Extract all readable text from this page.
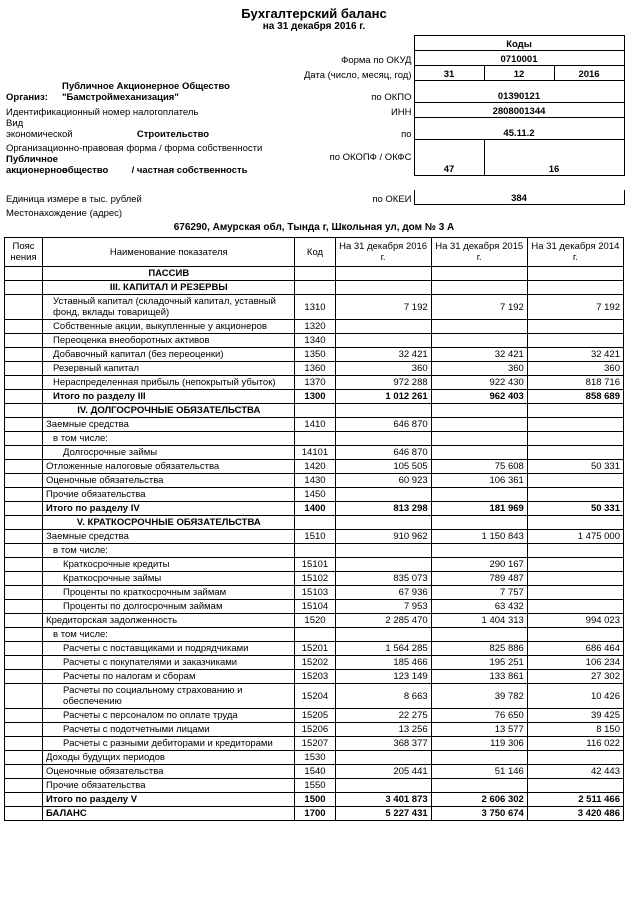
Бухгалтерский баланс
на 31 декабря 2016 г.
			Коды		
		Форма по ОКУД	0710001		
		Дата (число, месяц, год)	31	12	2016
Организ:	Публичное Акционерное Общество "Бамстроймеханизация"	по ОКПО	01390121		
Идентификационный номер налогоплатель		ИНН	2808001344		
Вид экономической	Строительство	по	45.11.2		
Организационно-правовая форма / форма собственности		по ОКОПФ / ОКФС	47	16	
Публичное акционерное	общество / частная собственность				

Единица измере в тыс. рублей		по ОКЕИ	384		
Местонахождение (адрес)					
676290, Амурская обл, Тында г, Школьная ул, дом № 3 А
Пояс нения	Наименование показателя	Код	На 31 декабря 2016 г.	На 31 декабря 2015 г.	На 31 декабря 2014 г.
	ПАССИВ				
	III. КАПИТАЛ И РЕЗЕРВЫ				
	Уставный капитал (складочный капитал, уставный фонд, вклады товарищей)	1310	7 192	7 192	7 192
	Собственные акции, выкупленные у акционеров	1320			
	Переоценка внеоборотных активов	1340			
	Добавочный капитал (без переоценки)	1350	32 421	32 421	32 421
	Резервный капитал	1360	360	360	360
	Нераспределенная прибыль (непокрытый убыток)	1370	972 288	922 430	818 716
	Итого по разделу III	1300	1 012 261	962 403	858 689
	IV. ДОЛГОСРОЧНЫЕ ОБЯЗАТЕЛЬСТВА				
	Заемные средства	1410	646 870		
	в том числе:				
	Долгосрочные займы	14101	646 870		
	Отложенные налоговые обязательства	1420	105 505	75 608	50 331
	Оценочные обязательства	1430	60 923	106 361	
	Прочие обязательства	1450			
	Итого по разделу IV	1400	813 298	181 969	50 331
	V. КРАТКОСРОЧНЫЕ ОБЯЗАТЕЛЬСТВА				
	Заемные средства	1510	910 962	1 150 843	1 475 000
	в том числе:				
	Краткосрочные кредиты	15101		290 167	
	Краткосрочные займы	15102	835 073	789 487	
	Проценты по краткосрочным займам	15103	67 936	7 757	
	Проценты по долгосрочным займам	15104	7 953	63 432	
	Кредиторская задолженность	1520	2 285 470	1 404 313	994 023
	в том числе:				
	Расчеты с поставщиками и подрядчиками	15201	1 564 285	825 886	686 464
	Расчеты с покупателями и заказчиками	15202	185 466	195 251	106 234
	Расчеты по налогам и сборам	15203	123 149	133 861	27 302
	Расчеты по социальному страхованию и обеспечению	15204	8 663	39 782	10 426
	Расчеты с персоналом по оплате труда	15205	22 275	76 650	39 425
	Расчеты с подотчетными лицами	15206	13 256	13 577	8 150
	Расчеты с разными дебиторами и кредиторами	15207	368 377	119 306	116 022
	Доходы будущих периодов	1530			
	Оценочные обязательства	1540	205 441	51 146	42 443
	Прочие обязательства	1550			
	Итого по разделу V	1500	3 401 873	2 606 302	2 511 466
	БАЛАНС	1700	5 227 431	3 750 674	3 420 486
